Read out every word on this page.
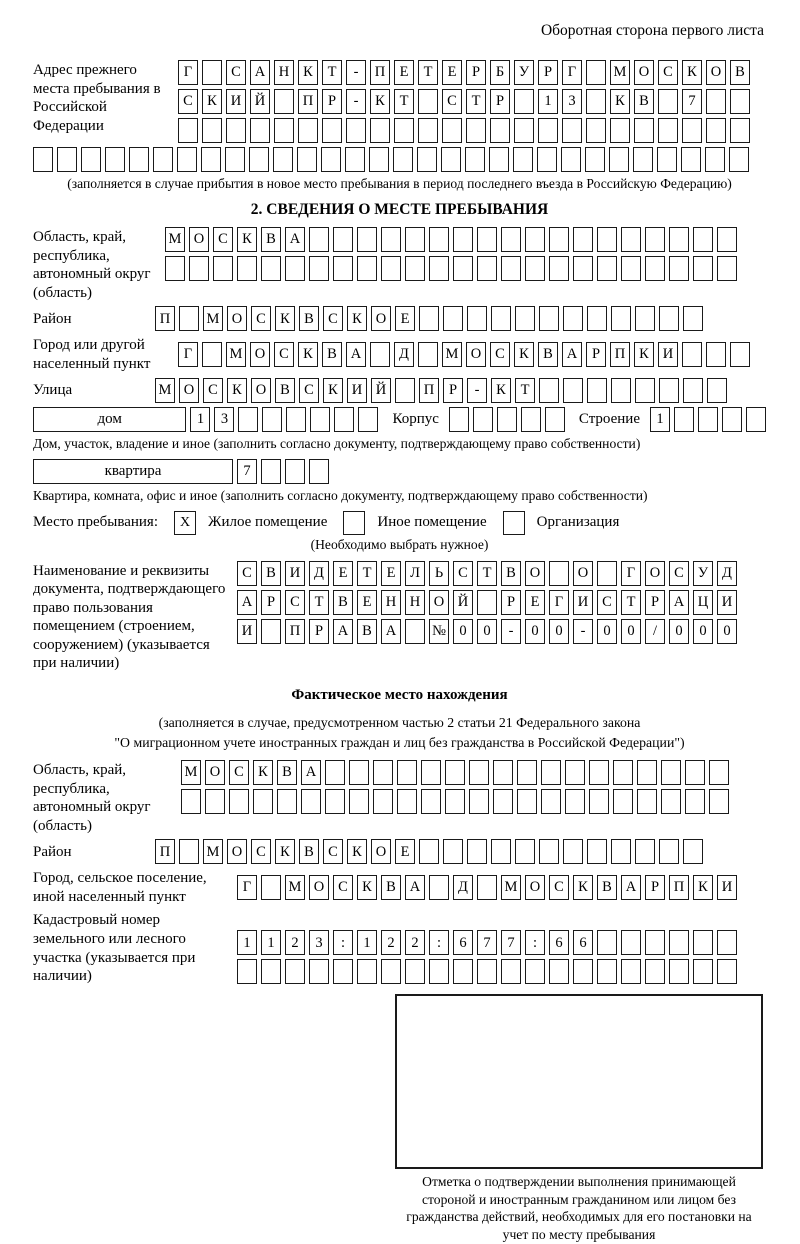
Оборотная сторона первого листа
Адрес прежнего места пребывания в Российской Федерации
Г	С А Н К	Т	-	П Е	Т	Е	Р	Б	У	Р	Г	М О С К О В
С К И Й	П	Р	-	К	Т	С	Т	Р	1	3	К В	7
(заполняется в случае прибытия в новое место пребывания в период последнего въезда в Российскую Федерацию)
2. СВЕДЕНИЯ О МЕСТЕ ПРЕБЫВАНИЯ
Область, край, республика, автономный округ (область)
М О С К В А
Район	П	М О С К В С К О Е
Город или другой населенный пункт
Г	М О С К В А	Д	М О С К В А	Р	П К И
Улица	М О С К О В С К И Й	П	Р	-	К	Т
дом	1	3	Корпус	Строение	1
Дом, участок, владение и иное (заполнить согласно документу, подтверждающему право собственности)
квартира	7
Квартира, комната, офис и иное (заполнить согласно документу, подтверждающему право собственности)
Место пребывания:	X	Жилое помещение	Иное помещение	Организация
(Необходимо выбрать нужное)
Наименование и реквизиты документа, подтверждающего право пользования помещением (строением, сооружением) (указывается при наличии)
С В И Д	Е	Т	Е	Л	Ь	С	Т	В О	О	Г	О С У Д
А	Р	С	Т	В	Е Н Н О Й	Р	Е	Г	И С	Т	Р	А Ц И
И	П	Р	А В А	№ 0	0	-	0	0	-	0	0	/	0	0	0
Фактическое место нахождения
(заполняется в случае, предусмотренном частью 2 статьи 21 Федерального закона
"О миграционном учете иностранных граждан и лиц без гражданства в Российской Федерации")
Область, край, республика, автономный округ (область)
М О С К В А
Район	П	М О С К В С К О Е
Город, сельское поселение, иной населенный пункт
Г	М О С К В А	Д	М О С К В А	Р	П К И
Кадастровый номер земельного или лесного участка (указывается при наличии)
1	1	2	3	:	1	2	2	:	6	7	7	:	6	6
Отметка о подтверждении выполнения принимающей стороной и иностранным гражданином или лицом без гражданства действий, необходимых для его постановки на учет по месту пребывания
